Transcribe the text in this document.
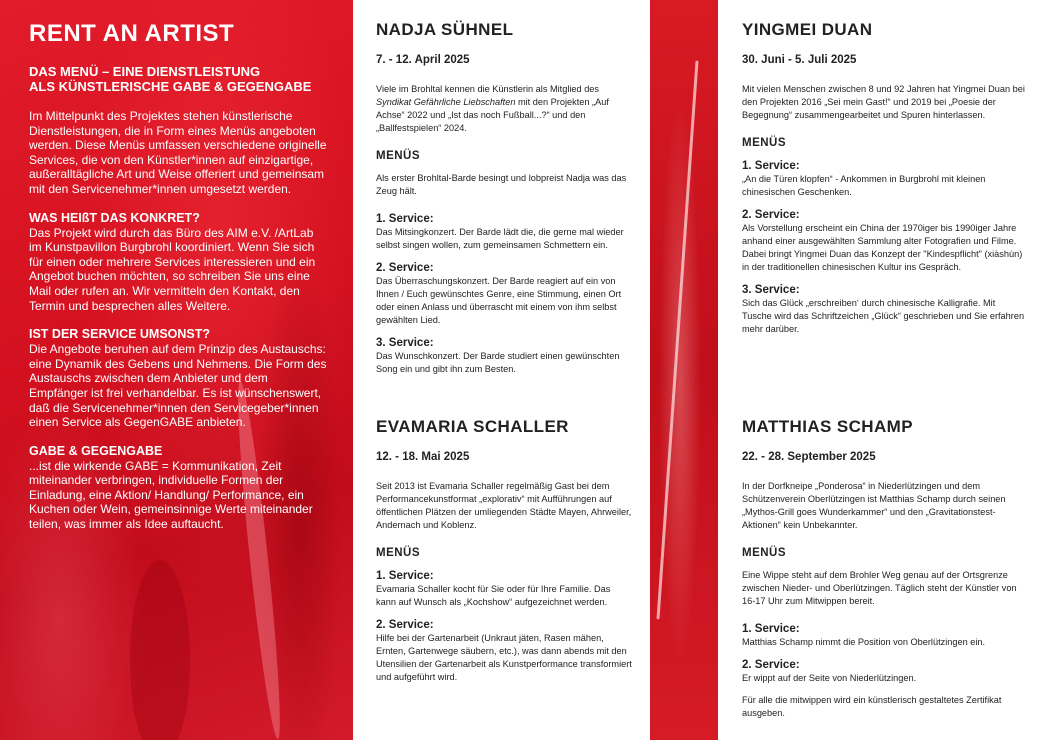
RENT AN ARTIST
DAS MENÜ – EINE DIENSTLEISTUNG
ALS KÜNSTLERISCHE GABE & GEGENGABE

Im Mittelpunkt des Projektes stehen künstlerische Dienstleistungen, die in Form eines Menüs angeboten werden. Diese Menüs umfassen verschiedene originelle Services, die von den Künstler*innen auf einzigartige, außeralltägliche Art und Weise offeriert und gemeinsam mit den Servicenehmer*innen umgesetzt werden.

WAS HEIßT DAS KONKRET?

Das Projekt wird durch das Büro des AIM e.V. /ArtLab im Kunstpavillon Burgbrohl koordiniert. Wenn Sie sich für einen oder mehrere Services interessieren und ein Angebot buchen möchten, so schreiben Sie uns eine Mail oder rufen an. Wir vermitteln den Kontakt, den Termin und besprechen alles Weitere.

IST DER SERVICE UMSONST?

Die Angebote beruhen auf dem Prinzip des Austauschs: eine Dynamik des Gebens und Nehmens. Die Form des Austauschs zwischen dem Anbieter und dem Empfänger ist frei verhandelbar. Es ist wünschenswert, daß die Servicenehmer*innen den Servicegeber*innen einen Service als GegenGABE anbieten.

GABE & GEGENGABE

...ist die wirkende GABE = Kommunikation, Zeit miteinander verbringen, individuelle Formen der Einladung, eine Aktion/ Handlung/ Performance, ein Kuchen oder Wein, gemeinsinnige Werte miteinander teilen, was immer als Idee auftaucht.

NADJA SÜHNEL
7. - 12. April 2025

Viele im Brohltal kennen die Künstlerin als Mitglied des
Syndikat Gefährliche Liebschaften mit den Projekten „Auf Achse“ 2022 und „Ist das noch Fußball...?“ und den „Ballfestspielen“ 2024.

MENÜS

Als erster Brohltal-Barde besingt und lobpreist Nadja was das Zeug hält.

1. Service:

Das Mitsingkonzert. Der Barde lädt die, die gerne mal wieder selbst singen wollen, zum gemeinsamen Schmettern ein.

2. Service:

Das Überraschungskonzert. Der Barde reagiert auf ein von Ihnen / Euch gewünschtes Genre, eine Stimmung, einen Ort oder einen Anlass und überrascht mit einem von ihm selbst gewählten Lied.

3. Service:

Das Wunschkonzert. Der Barde studiert einen gewünschten Song ein und gibt ihn zum Besten.

EVAMARIA SCHALLER
12. - 18. Mai 2025

Seit 2013 ist Evamaria Schaller regelmäßig Gast bei dem Performancekunstformat „explorativ“ mit Aufführungen auf öffentlichen Plätzen der umliegenden Städte Mayen, Ahrweiler, Andernach und Koblenz.

MENÜS
1. Service:

Evamaria Schaller kocht für Sie oder für Ihre Familie. Das kann auf Wunsch als „Kochshow“ aufgezeichnet werden.

2. Service:

Hilfe bei der Gartenarbeit (Unkraut jäten, Rasen mähen, Ernten, Gartenwege säubern, etc.), was dann abends mit den Utensilien der Gartenarbeit als Kunstperformance transformiert und aufgeführt wird.

YINGMEI DUAN
30. Juni - 5. Juli 2025

Mit vielen Menschen zwischen 8 und 92 Jahren hat Yingmei Duan bei den Projekten 2016 „Sei mein Gast!“ und 2019 bei „Poesie der Begegnung“ zusammengearbeitet und Spuren hinterlassen.

MENÜS
1. Service:

„An die Türen klopfen“ - Ankommen in Burgbrohl mit kleinen chinesischen Geschenken.

2. Service:

Als Vorstellung erscheint ein China der 1970iger bis 1990iger Jahre anhand einer ausgewählten Sammlung alter Fotografien und Filme. Dabei bringt Yingmei Duan das Konzept der "Kindespflicht" (xiàshùn) in der traditionellen chinesischen Kultur ins Gespräch.

3. Service:

Sich das Glück „erschreiben‘ durch chinesische Kalligrafie. Mit Tusche wird das Schriftzeichen „Glück“ geschrieben und Sie erfahren mehr darüber.

MATTHIAS SCHAMP
22. - 28. September 2025

In der Dorfkneipe „Ponderosa“ in Niederlützingen und dem Schützenverein Oberlützingen ist Matthias Schamp durch seinen „Mythos-Grill goes Wunderkammer“ und den „Gravitationstest-Aktionen“ kein Unbekannter.

MENÜS

Eine Wippe steht auf dem Brohler Weg genau auf der Ortsgrenze zwischen Nieder- und Oberlützingen. Täglich steht der Künstler von 16-17 Uhr zum Mitwippen bereit.

1. Service:

Matthias Schamp nimmt die Position von Oberlützingen ein.

2. Service:

Er wippt auf der Seite von Niederlützingen.

Für alle die mitwippen wird ein künstlerisch gestaltetes Zertifikat ausgeben.
